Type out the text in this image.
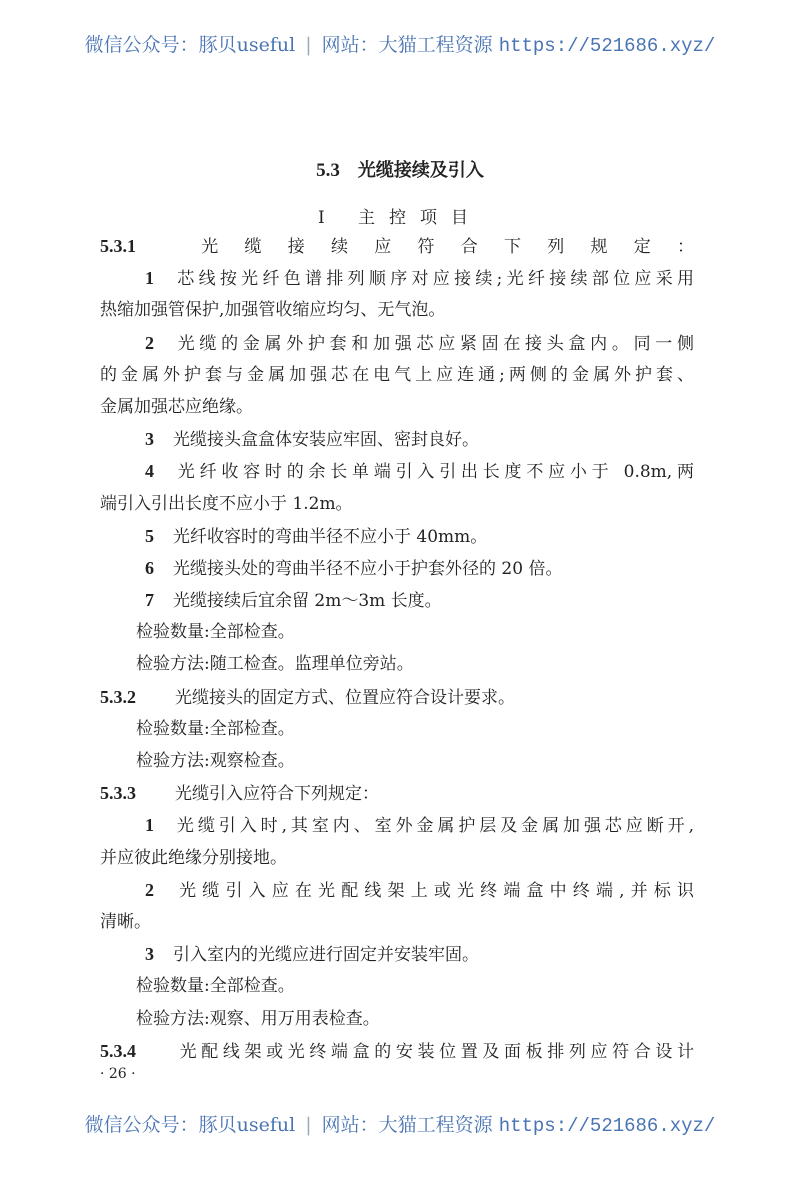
微信公众号：豚贝useful | 网站：大猫工程资源 https://521686.xyz/
5.3 光缆接续及引入
Ⅰ 主控项目
5.3.1 光缆接续应符合下列规定：
1 芯线按光纤色谱排列顺序对应接续;光纤接续部位应采用
热缩加强管保护,加强管收缩应均匀、无气泡。
2 光缆的金属外护套和加强芯应紧固在接头盒内。同一侧
的金属外护套与金属加强芯在电气上应连通;两侧的金属外护套、
金属加强芯应绝缘。
3 光缆接头盒盒体安装应牢固、密封良好。
4 光纤收容时的余长单端引入引出长度不应小于 0.8m,两
端引入引出长度不应小于 1.2m。
5 光纤收容时的弯曲半径不应小于 40mm。
6 光缆接头处的弯曲半径不应小于护套外径的 20 倍。
7 光缆接续后宜余留 2m～3m 长度。
检验数量:全部检查。
检验方法:随工检查。监理单位旁站。
5.3.2 光缆接头的固定方式、位置应符合设计要求。
检验数量:全部检查。
检验方法:观察检查。
5.3.3 光缆引入应符合下列规定：
1 光缆引入时,其室内、室外金属护层及金属加强芯应断开,
并应彼此绝缘分别接地。
2 光缆引入应在光配线架上或光终端盒中终端,并标识
清晰。
3 引入室内的光缆应进行固定并安装牢固。
检验数量:全部检查。
检验方法:观察、用万用表检查。
5.3.4 光配线架或光终端盒的安装位置及面板排列应符合设计
· 26 ·
微信公众号：豚贝useful | 网站：大猫工程资源 https://521686.xyz/
